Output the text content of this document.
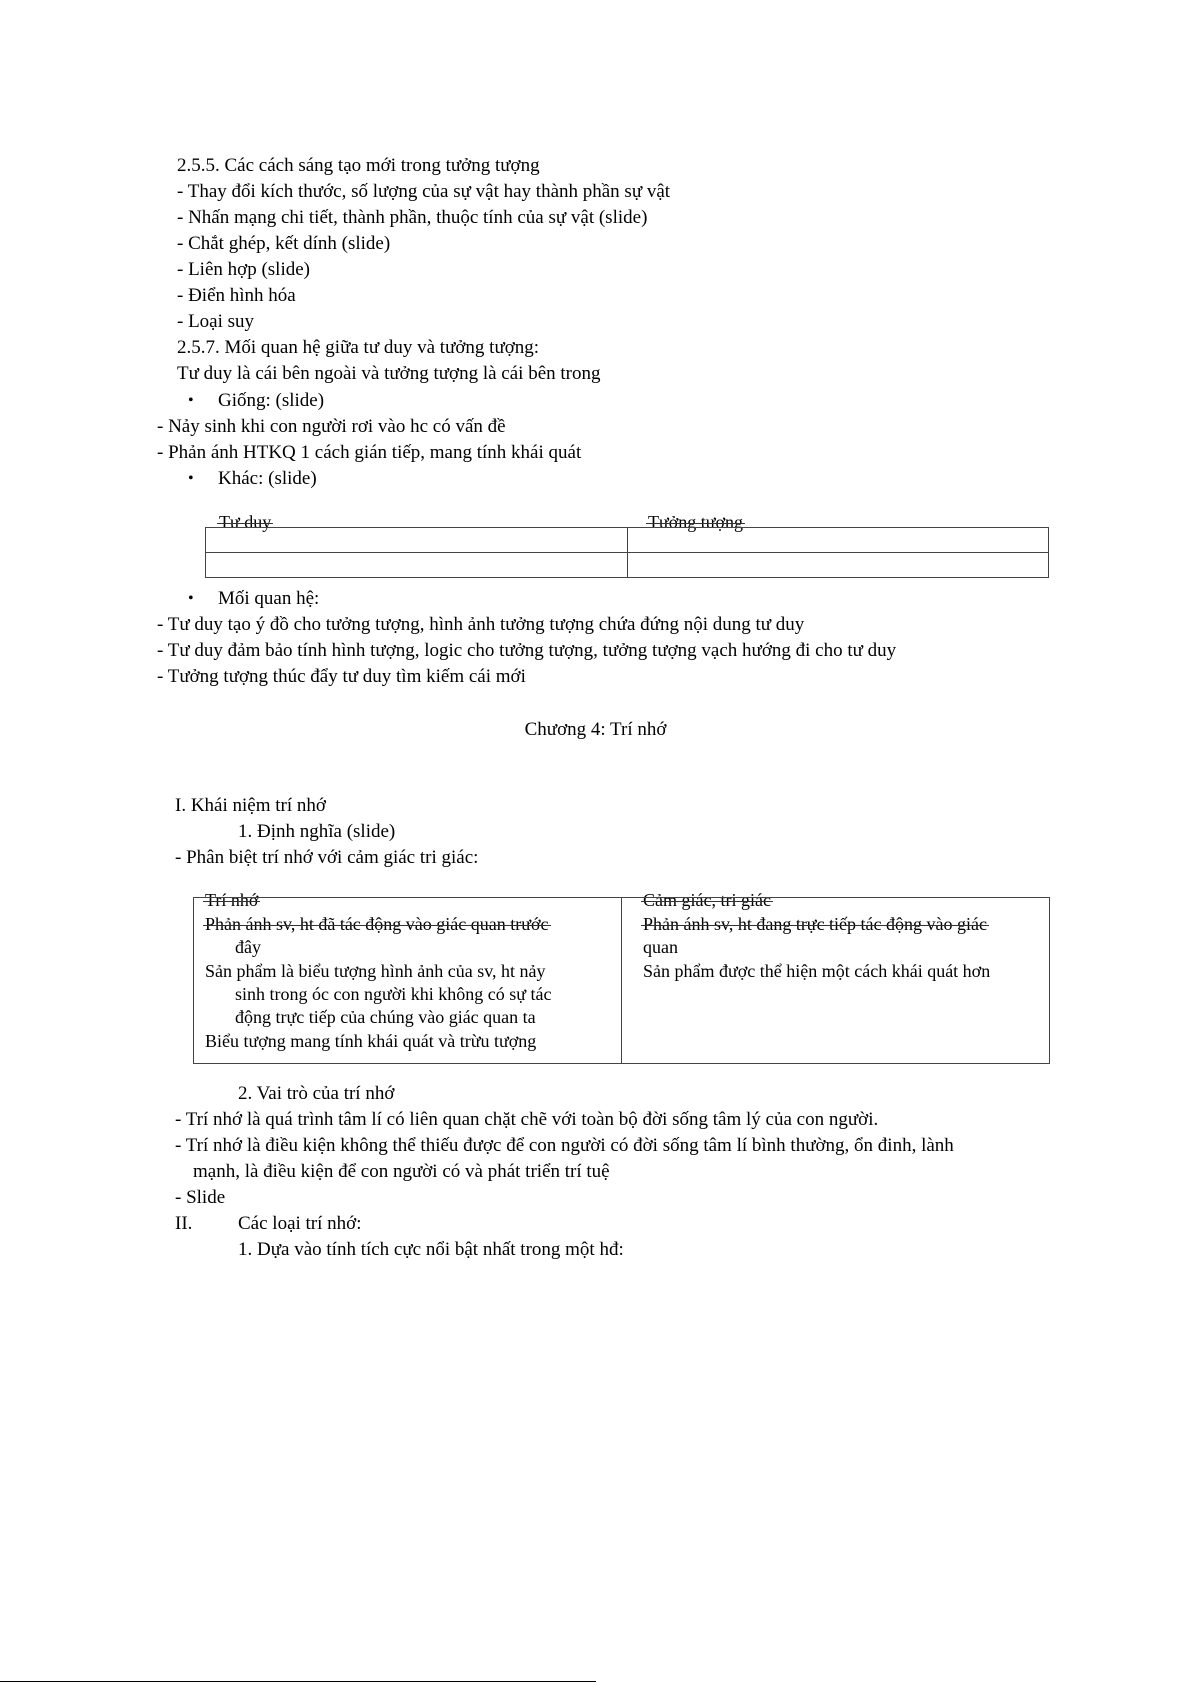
2.5.5. Các cách sáng tạo mới trong tưởng tượng
- Thay đổi kích thước, số lượng của sự vật hay thành phần sự vật
- Nhấn mạng chi tiết, thành phần, thuộc tính của sự vật (slide)
- Chắt ghép, kết dính (slide)
- Liên hợp (slide)
- Điển hình hóa
- Loại suy
2.5.7. Mối quan hệ giữa tư duy và tưởng tượng:
Tư duy là cái bên ngoài và tưởng tượng là cái bên trong
• Giống: (slide)
- Nảy sinh khi con người rơi vào hc có vấn đề
- Phản ánh HTKQ 1 cách gián tiếp, mang tính khái quát
• Khác: (slide)
Tư duy	Tưởng tượng
• Mối quan hệ:
- Tư duy tạo ý đồ cho tưởng tượng, hình ảnh tưởng tượng chứa đứng nội dung tư duy
- Tư duy đảm bảo tính hình tượng, logic cho tưởng tượng, tưởng tượng vạch hướng đi cho tư duy
- Tưởng tượng thúc đẩy tư duy tìm kiếm cái mới
Chương 4: Trí nhớ
I. Khái niệm trí nhớ
1. Định nghĩa (slide)
- Phân biệt trí nhớ với cảm giác tri giác:
Trí nhớ	Cảm giác, tri giác
Phản ánh sv, ht đã tác động vào giác quan trước
đây
Sản phẩm là biểu tượng hình ảnh của sv, ht nảy
sinh trong óc con người khi không có sự tác
động trực tiếp của chúng vào giác quan ta
Biểu tượng mang tính khái quát và trừu tượng
Phản ánh sv, ht đang trực tiếp tác động vào giác
quan
Sản phẩm được thể hiện một cách khái quát hơn
2. Vai trò của trí nhớ
- Trí nhớ là quá trình tâm lí có liên quan chặt chẽ với toàn bộ đời sống tâm lý của con người.
- Trí nhớ là điều kiện không thể thiếu được để con người có đời sống tâm lí bình thường, ổn đinh, lành
mạnh, là điều kiện để con người có và phát triển trí tuệ
- Slide
II. Các loại trí nhớ:
1. Dựa vào tính tích cực nổi bật nhất trong một hđ:
